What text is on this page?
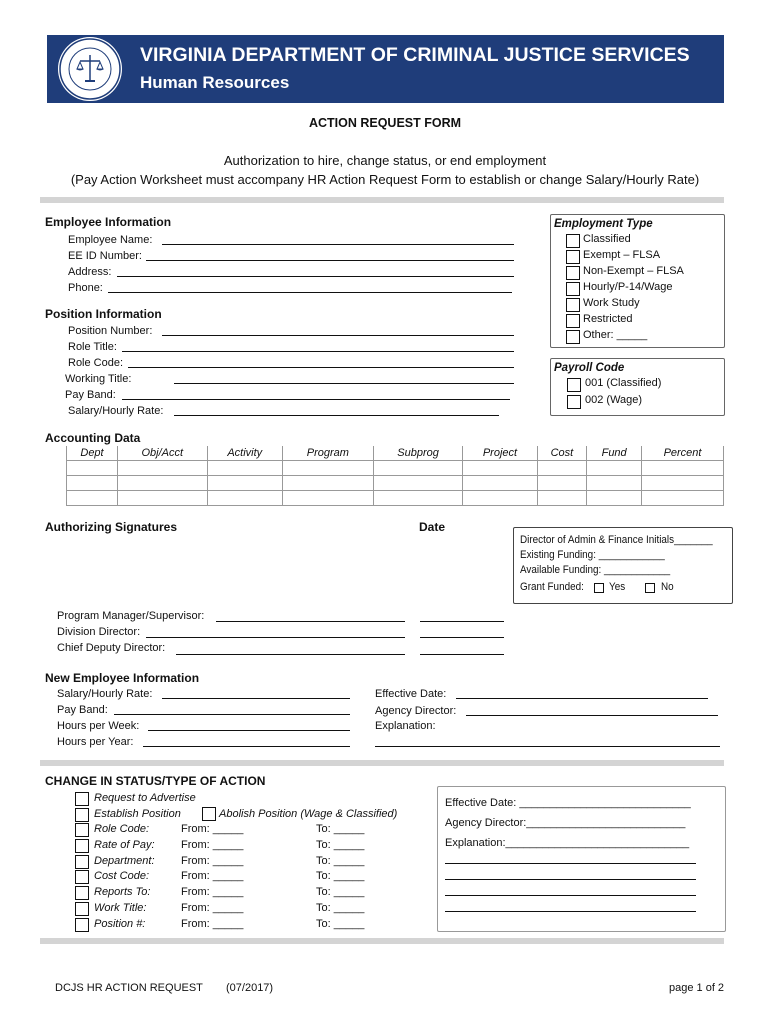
VIRGINIA DEPARTMENT OF CRIMINAL JUSTICE SERVICES
Human Resources
ACTION REQUEST FORM
Authorization to hire, change status, or end employment
(Pay Action Worksheet must accompany HR Action Request Form to establish or change Salary/Hourly Rate)
Employee Information
Employee Name:
EE ID Number:
Address:
Phone:
Employment Type
Classified
Exempt – FLSA
Non-Exempt – FLSA
Hourly/P-14/Wage
Work Study
Restricted
Other: _____
Position Information
Position Number:
Role Title:
Role Code:
Working Title:
Pay Band:
Salary/Hourly Rate:
Payroll Code
001 (Classified)
002 (Wage)
Accounting Data
Dept	Obj/Acct	Activity	Program	Subprog	Project	Cost	Fund	Percent

Authorizing Signatures	Date
Director of Admin & Finance Initials_______
Existing Funding: ____________
Available Funding: ____________
Grant Funded: Yes	No
Program Manager/Supervisor:
Division Director:
Chief Deputy Director:
New Employee Information
Salary/Hourly Rate:
Pay Band:
Hours per Week:
Hours per Year:
Effective Date:
Agency Director:
Explanation:
CHANGE IN STATUS/TYPE OF ACTION
Request to Advertise
Establish Position	Abolish Position (Wage & Classified)
Role Code:	From: _____	To: _____
Rate of Pay: From: _____	To: _____
Department: From: _____	To: _____
Cost Code:	From: _____	To: _____
Reports To:	From: _____	To: _____
Work Title:	From: _____	To: _____
Position #:	From: _____	To: _____
Effective Date: ____________________________
Agency Director:__________________________
Explanation:______________________________
DCJS HR ACTION REQUEST (07/2017)	page 1 of 2
